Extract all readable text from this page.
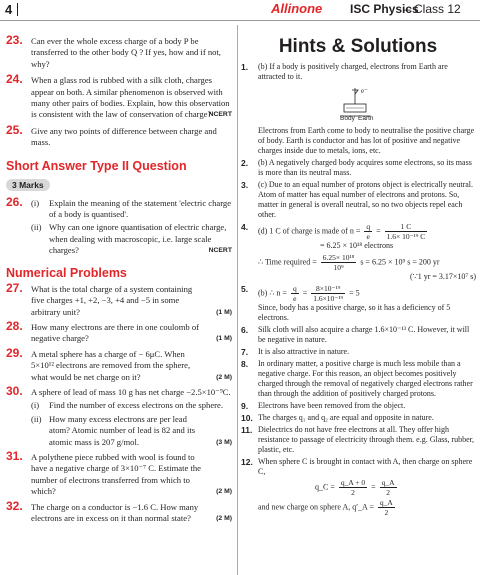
4	Allinone ISC Physics
– Class 12
23. Can ever the whole excess charge of a body P be transferred to the other body Q ? If yes, how and if not, why?
24. When a glass rod is rubbed with a silk cloth, charges appear on both. A similar phenomenon is observed with many other pairs of bodies. Explain, how this observation is consistent with the law of conservation of charge?
NCERT
25. Give any two points of difference between charge and mass.
Short Answer Type II Question
3 Marks
26. (i) Explain the meaning of the statement 'electric charge of a body is quantised'.
(ii) Why can one ignore quantisation of electric charge, when dealing with macroscopic, i.e. large scale charges?	NCERT
Numerical Problems
27. What is the total charge of a system containing five charges +1, +2, −3, +4 and −5 in some arbitrary unit?	(1 M)
28. How many electrons are there in one coulomb of negative charge?	(1 M)
29. A metal sphere has a charge of − 6μC. When 5×10¹² electrons are removed from the sphere, what would be net charge on it?	(2 M)
30. A sphere of lead of mass 10 g has net charge −2.5×10⁻⁹C.
(i) Find the number of excess electrons on the sphere.
(ii) How many excess electrons are per lead atom? Atomic number of lead is 82 and its atomic mass is 207 g/mol.	(3 M)
31. A polythene piece rubbed with wool is found to have a negative charge of 3×10⁻⁷ C. Estimate the number of electrons transferred from which to which?	(2 M)
32. The charge on a conductor is −1.6 C. How many electrons are in excess on it than normal state?	(2 M)
Hints & Solutions
1. (b) If a body is positively charged, electrons from Earth are attracted to it.
e⁻
Body Earth
Electrons from Earth come to body to neutralise the positive charge of body. Earth is conductor and has lot of positive and negative charges inside due to metals, ions, etc.
2. (b) A negatively charged body acquires some electrons, so its mass is more than its neutral mass.
3. (c) Due to an equal number of protons object is electrically neutral. Atom of matter has equal number of electrons and protons. So, matter in general is overall neutral, so no two objects repel each other.
4. (d) 1 C of charge is made of $n = \frac{q}{e} = \frac{1 C}{\text{1.6× 10⁻¹⁹ C}}$
= 6.25 × 10¹⁸ electrons
∴ Time required = $\frac{\text{6.25× 10¹⁸}}{\text{10⁹}}$ s = 6.25 × 10⁹ s = 200 yr
(∵1 yr = 3.17×10⁷ s)
5. (b) ∴ $n = \frac{q}{e} = \frac{\text{8×10⁻¹⁹}}{\text{1.6×10⁻¹⁹}} = 5$
Since, body has a positive charge, so it has a deficiency of 5 electrons.
6. Silk cloth will also acquire a charge 1.6×10⁻¹³ C. However, it will be negative in nature.
7. It is also attractive in nature.
8. In ordinary matter, a positive charge is much less mobile than a negative charge. For this reason, an object becomes positively charged through the removal of negatively charged electrons rather than through the addition of positively charged protons.
9. Electrons have been removed from the object.
10. The charges q₁ and q₂ are equal and opposite in nature.
11. Dielectrics do not have free electrons at all. They offer high resistance to passage of electricity through them. e.g. Glass, rubber, plastic, etc.
12. When sphere C is brought in contact with A, then charge on sphere C,
q_C = $\frac{q\_A + 0}{2} = \frac{q\_A}{2}$
and new charge on sphere A, q′_A = $\frac{q\_A}{2}$
